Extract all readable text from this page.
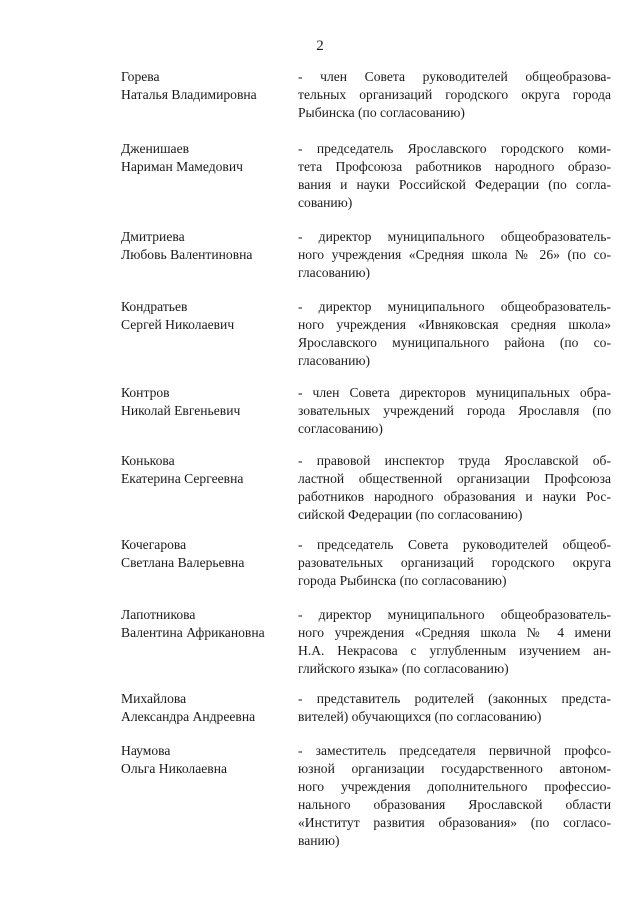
2
Горева
Наталья Владимировна
- член Совета руководителей общеобразова-
тельных организаций городского округа города
Рыбинска (по согласованию)
Дженишаев
Нариман Мамедович
- председатель Ярославского городского коми-
тета Профсоюза работников народного образо-
вания и науки Российской Федерации (по согла-
сованию)
Дмитриева
Любовь Валентиновна
- директор муниципального общеобразователь-
ного учреждения «Средняя школа № 26» (по со-
гласованию)
Кондратьев
Сергей Николаевич
- директор муниципального общеобразователь-
ного учреждения «Ивняковская средняя школа»
Ярославского муниципального района (по со-
гласованию)
Контров
Николай Евгеньевич
- член Совета директоров муниципальных обра-
зовательных учреждений города Ярославля (по
согласованию)
Конькова
Екатерина Сергеевна
- правовой инспектор труда Ярославской об-
ластной общественной организации Профсоюза
работников народного образования и науки Рос-
сийской Федерации (по согласованию)
Кочегарова
Светлана Валерьевна
- председатель Совета руководителей общеоб-
разовательных организаций городского округа
города Рыбинска (по согласованию)
Лапотникова
Валентина Африкановна
- директор муниципального общеобразователь-
ного учреждения «Средняя школа № 4 имени
Н.А. Некрасова с углубленным изучением ан-
глийского языка» (по согласованию)
Михайлова
Александра Андреевна
- представитель родителей (законных предста-
вителей) обучающихся (по согласованию)
Наумова
Ольга Николаевна
- заместитель председателя первичной профсо-
юзной организации государственного автоном-
ного учреждения дополнительного профессио-
нального образования Ярославской области
«Институт развития образования» (по согласо-
ванию)
